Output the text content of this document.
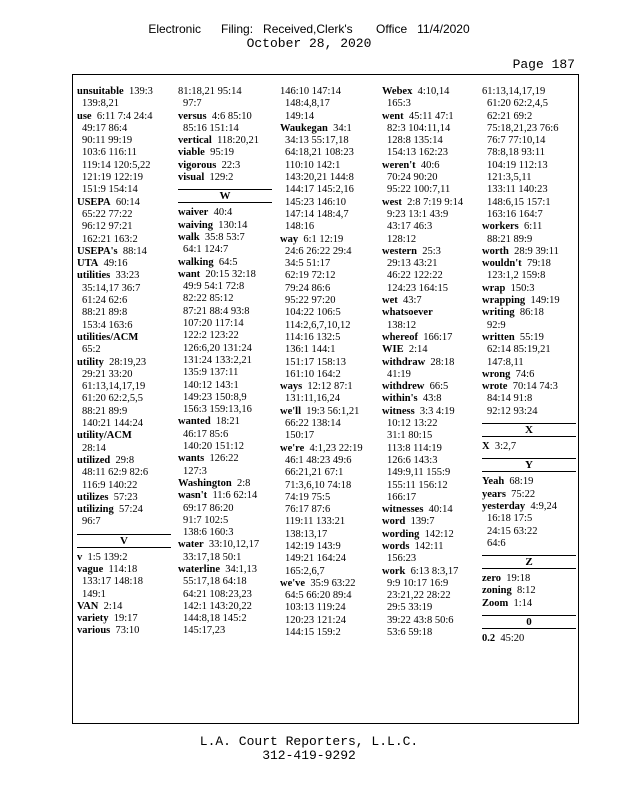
Electronic      Filing:   Received,Clerk's       Office   11/4/2020
October 28, 2020
Page 187
unsuitable 139:3
139:8,21
use 6:11 7:4 24:4
49:17 86:4
90:11 99:19
103:6 116:11
119:14 120:5,22
121:19 122:19
151:9 154:14
USEPA 60:14
65:22 77:22
96:12 97:21
162:21 163:2
USEPA's 88:14
UTA 49:16
utilities 33:23
35:14,17 36:7
61:24 62:6
88:21 89:8
153:4 163:6
utilities/ACM
65:2
utility 28:19,23
29:21 33:20
61:13,14,17,19
61:20 62:2,5,5
88:21 89:9
140:21 144:24
utility/ACM
28:14
utilized 29:8
48:11 62:9 82:6
116:9 140:22
utilizes 57:23
utilizing 57:24
96:7
V
v 1:5 139:2
vague 114:18
133:17 148:18
149:1
VAN 2:14
variety 19:17
various 73:10
81:18,21 95:14
97:7
versus 4:6 85:10
85:16 151:14
vertical 118:20,21
viable 95:19
vigorous 22:3
visual 129:2
W
waiver 40:4
waiving 130:14
walk 35:8 53:7
64:1 124:7
walking 64:5
want 20:15 32:18
49:9 54:1 72:8
82:22 85:12
87:21 88:4 93:8
107:20 117:14
122:2 123:22
126:6,20 131:24
131:24 133:2,21
135:9 137:11
140:12 143:1
149:23 150:8,9
156:3 159:13,16
wanted 18:21
46:17 85:6
140:20 151:12
wants 126:22
127:3
Washington 2:8
wasn't 11:6 62:14
69:17 86:20
91:7 102:5
138:6 160:3
water 33:10,12,17
33:17,18 50:1
waterline 34:1,13
55:17,18 64:18
64:21 108:23,23
142:1 143:20,22
144:8,18 145:2
145:17,23
146:10 147:14
148:4,8,17
149:14
Waukegan 34:1
34:13 55:17,18
64:18,21 108:23
110:10 142:1
143:20,21 144:8
144:17 145:2,16
145:23 146:10
147:14 148:4,7
148:16
way 6:1 12:19
24:6 26:22 29:4
34:5 51:17
62:19 72:12
79:24 86:6
95:22 97:20
104:22 106:5
114:2,6,7,10,12
114:16 132:5
136:1 144:1
151:17 158:13
161:10 164:2
ways 12:12 87:1
131:11,16,24
we'll 19:3 56:1,21
66:22 138:14
150:17
we're 4:1,23 22:19
46:1 48:23 49:6
66:21,21 67:1
71:3,6,10 74:18
74:19 75:5
76:17 87:6
119:11 133:21
138:13,17
142:19 143:9
149:21 164:24
165:2,6,7
we've 35:9 63:22
64:5 66:20 89:4
103:13 119:24
120:23 121:24
144:15 159:2
Webex 4:10,14
165:3
went 45:11 47:1
82:3 104:11,14
128:8 135:14
154:13 162:23
weren't 40:6
70:24 90:20
95:22 100:7,11
west 2:8 7:19 9:14
9:23 13:1 43:9
43:17 46:3
128:12
western 25:3
29:13 43:21
46:22 122:22
124:23 164:15
wet 43:7
whatsoever
138:12
whereof 166:17
WIE 2:14
withdraw 28:18
41:19
withdrew 66:5
within's 43:8
witness 3:3 4:19
10:12 13:22
31:1 80:15
113:8 114:19
126:6 143:3
149:9,11 155:9
155:11 156:12
166:17
witnesses 40:14
word 139:7
wording 142:12
words 142:11
156:23
work 6:13 8:3,17
9:9 10:17 16:9
23:21,22 28:22
29:5 33:19
39:22 43:8 50:6
53:6 59:18
61:13,14,17,19
61:20 62:2,4,5
62:21 69:2
75:18,21,23 76:6
76:7 77:10,14
78:8,18 93:11
104:19 112:13
121:3,5,11
133:11 140:23
148:6,15 157:1
163:16 164:7
workers 6:11
88:21 89:9
worth 28:9 39:11
wouldn't 79:18
123:1,2 159:8
wrap 150:3
wrapping 149:19
writing 86:18
92:9
written 55:19
62:14 85:19,21
147:8,11
wrong 74:6
wrote 70:14 74:3
84:14 91:8
92:12 93:24
X
X 3:2,7
Y
Yeah 68:19
years 75:22
yesterday 4:9,24
16:18 17:5
24:15 63:22
64:6
Z
zero 19:18
zoning 8:12
Zoom 1:14
0
0.2 45:20
L.A. Court Reporters, L.L.C.
312-419-9292
